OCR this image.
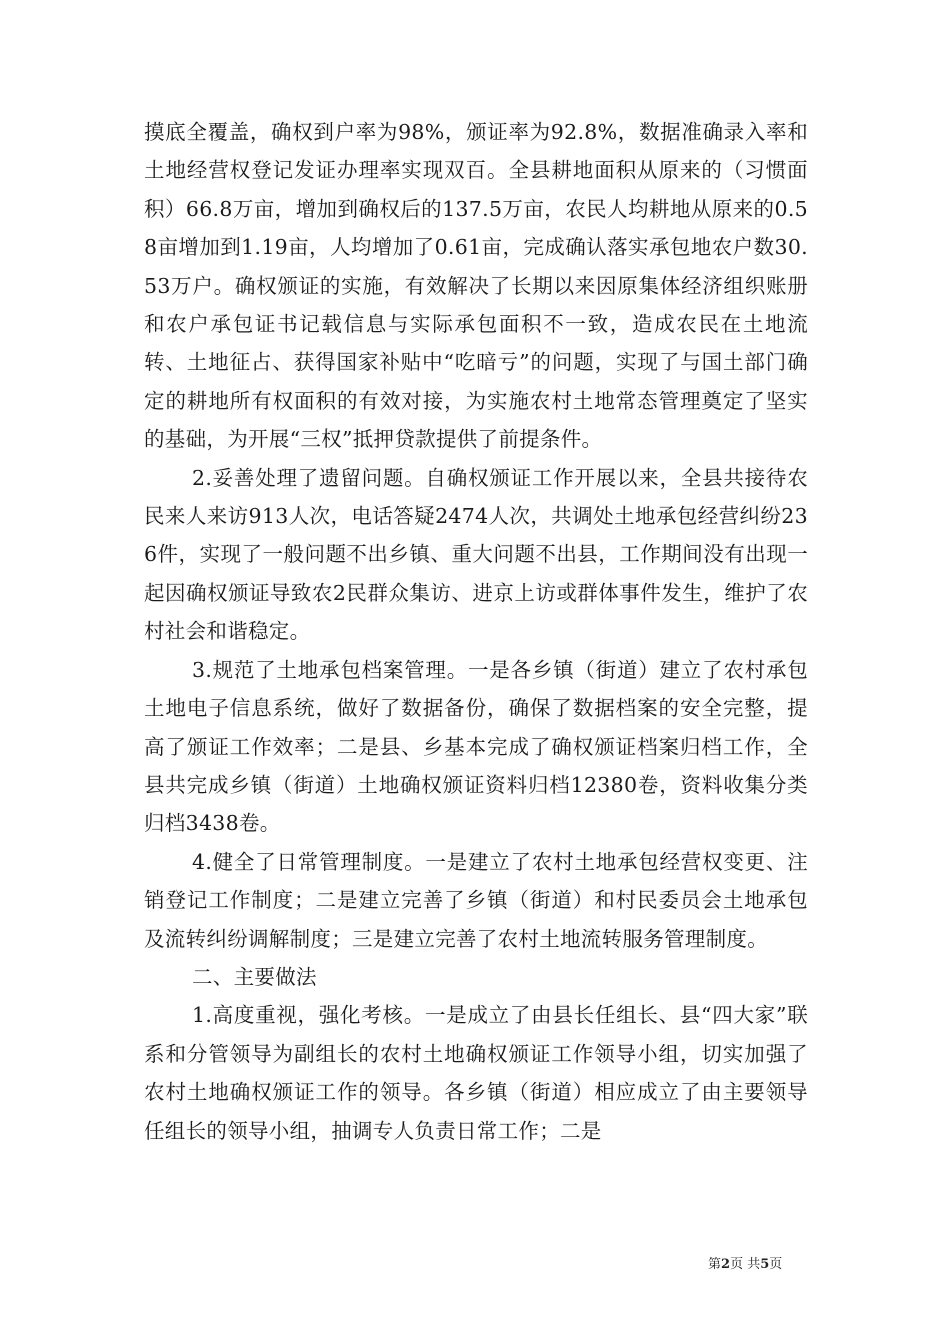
摸底全覆盖，确权到户率为98%，颁证率为92.8%，数据准确录入率和土地经营权登记发证办理率实现双百。全县耕地面积从原来的（习惯面积）66.8万亩，增加到确权后的137.5万亩，农民人均耕地从原来的0.58亩增加到1.19亩，人均增加了0.61亩，完成确认落实承包地农户数30.53万户。确权颁证的实施，有效解决了长期以来因原集体经济组织账册和农户承包证书记载信息与实际承包面积不一致，造成农民在土地流转、土地征占、获得国家补贴中“吃暗亏”的问题，实现了与国土部门确定的耕地所有权面积的有效对接，为实施农村土地常态管理奠定了坚实的基础，为开展“三权”抵押贷款提供了前提条件。

2.妥善处理了遗留问题。自确权颁证工作开展以来，全县共接待农民来人来访913人次，电话答疑2474人次，共调处土地承包经营纠纷236件，实现了一般问题不出乡镇、重大问题不出县，工作期间没有出现一起因确权颁证导致农2民群众集访、进京上访或群体事件发生，维护了农村社会和谐稳定。

3.规范了土地承包档案管理。一是各乡镇（街道）建立了农村承包土地电子信息系统，做好了数据备份，确保了数据档案的安全完整，提高了颁证工作效率；二是县、乡基本完成了确权颁证档案归档工作，全县共完成乡镇（街道）土地确权颁证资料归档12380卷，资料收集分类归档3438卷。

4.健全了日常管理制度。一是建立了农村土地承包经营权变更、注销登记工作制度；二是建立完善了乡镇（街道）和村民委员会土地承包及流转纠纷调解制度；三是建立完善了农村土地流转服务管理制度。

二、主要做法

1.高度重视，强化考核。一是成立了由县长任组长、县“四大家”联系和分管领导为副组长的农村土地确权颁证工作领导小组，切实加强了农村土地确权颁证工作的领导。各乡镇（街道）相应成立了由主要领导任组长的领导小组，抽调专人负责日常工作；二是

第2页 共5页
